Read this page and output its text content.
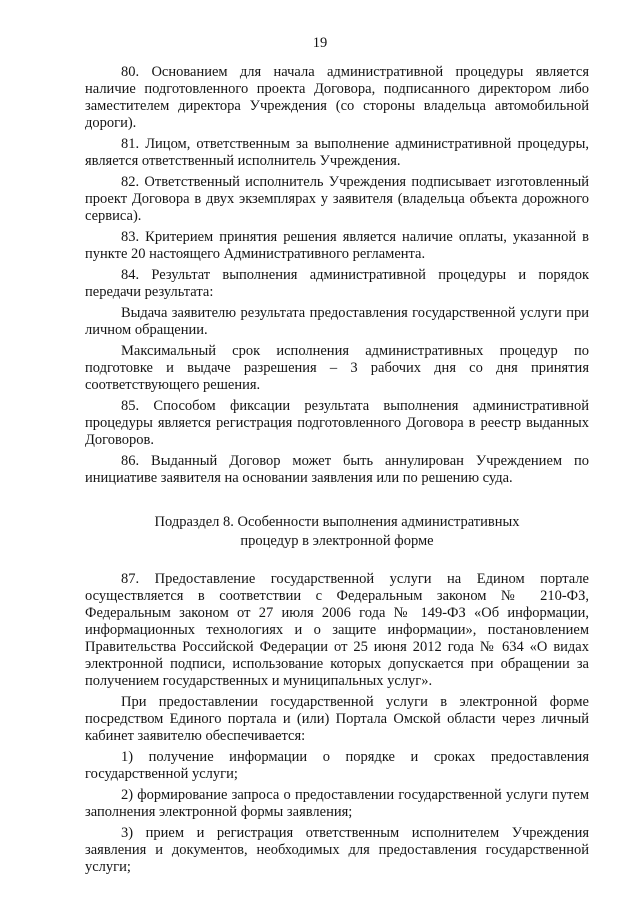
19

80. Основанием для начала административной процедуры является наличие подготовленного проекта Договора, подписанного директором либо заместителем директора Учреждения (со стороны владельца автомобильной дороги).

81. Лицом, ответственным за выполнение административной процедуры, является ответственный исполнитель Учреждения.

82. Ответственный исполнитель Учреждения подписывает изготовленный проект Договора в двух экземплярах у заявителя (владельца объекта дорожного сервиса).

83. Критерием принятия решения является наличие оплаты, указанной в пункте 20 настоящего Административного регламента.

84. Результат выполнения административной процедуры и порядок передачи результата:

Выдача заявителю результата предоставления государственной услуги при личном обращении.

Максимальный срок исполнения административных процедур по подготовке и выдаче разрешения – 3 рабочих дня со дня принятия соответствующего решения.

85. Способом фиксации результата выполнения административной процедуры является регистрация подготовленного Договора в реестр выданных Договоров.

86. Выданный Договор может быть аннулирован Учреждением по инициативе заявителя на основании заявления или по решению суда.

Подраздел 8. Особенности выполнения административных
процедур в электронной форме

87. Предоставление государственной услуги на Едином портале осуществляется в соответствии с Федеральным законом № 210-ФЗ, Федеральным законом от 27 июля 2006 года № 149-ФЗ «Об информации, информационных технологиях и о защите информации», постановлением Правительства Российской Федерации от 25 июня 2012 года № 634 «О видах электронной подписи, использование которых допускается при обращении за получением государственных и муниципальных услуг».

При предоставлении государственной услуги в электронной форме посредством Единого портала и (или) Портала Омской области через личный кабинет заявителю обеспечивается:

1) получение информации о порядке и сроках предоставления государственной услуги;

2) формирование запроса о предоставлении государственной услуги путем заполнения электронной формы заявления;

3) прием и регистрация ответственным исполнителем Учреждения заявления и документов, необходимых для предоставления государственной услуги;
